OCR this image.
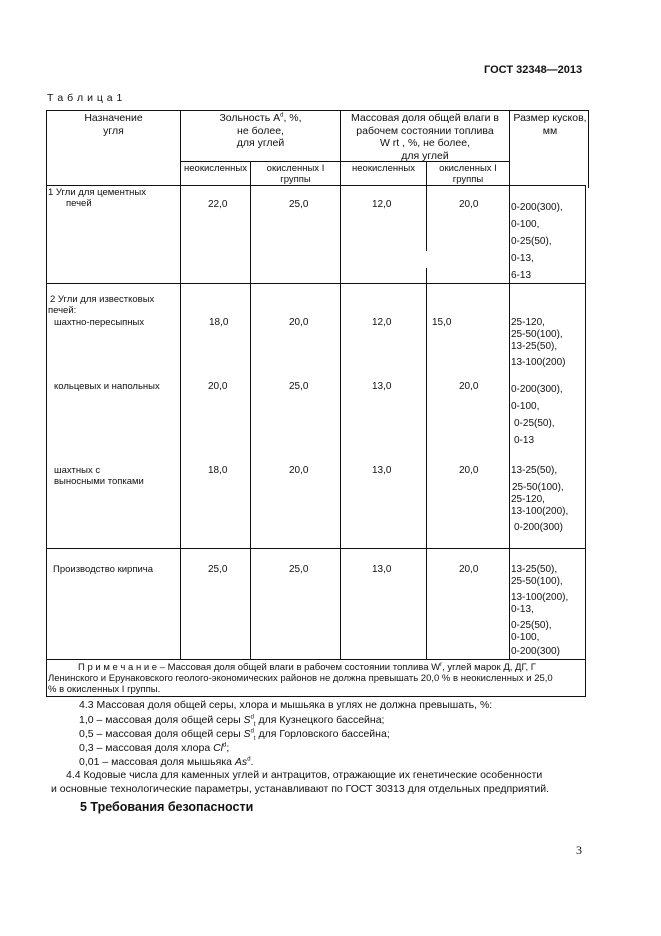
ГОСТ 32348—2013
Т а б л и ц а 1
Назначение
угля
Зольность $A^d$, %,
не более,
для углей
Массовая доля общей влаги в
рабочем состоянии топлива
W rt , %, не более,
для углей
Размер кусков,
мм
неокисленных	окисленных I
группы
неокисленных	окисленных I
группы
1 Угли для цементных
печей	22,0	25,0	12,0	20,0	0-200(300),
0-100,
0-25(50),
0-13,
6-13
2 Угли для известковых
печей:
шахтно-пересыпных	18,0	20,0	12,0	15,0	25-120,
25-50(100),
13-25(50),
13-100(200)
кольцевых и напольных	20,0	25,0	13,0	20,0	0-200(300),
0-100,
0-25(50),
0-13
шахтных с
выносными топками
18,0	20,0	13,0	20,0	13-25(50),
25-50(100),
25-120,
13-100(200),
0-200(300)
Производство кирпича	25,0	25,0	13,0	20,0	13-25(50),
25-50(100),
13-100(200),
0-13,
0-25(50),
0-100,
0-200(300)
П р и м е ч а н и е – Массовая доля общей влаги в рабочем состоянии топлива $W^r$, углей марок Д, ДГ, Г
Ленинского и Ерунаковского геолого-экономических районов не должна превышать 20,0 % в неокисленных и 25,0
% в окисленных I группы.
4.3 Массовая доля общей серы, хлора и мышьяка в углях не должна превышать, %:
1,0 – массовая доля общей серы $S^d_t$ для Кузнецкого бассейна;
0,5 – массовая доля общей серы $S^d_t$ для Горловского бассейна;
0,3 – массовая доля хлора Cl$^d$;
0,01 – массовая доля мышьяка As$^d$.
4.4 Кодовые числа для каменных углей и антрацитов, отражающие их генетические особенности
и основные технологические параметры, устанавливают по ГОСТ 30313 для отдельных предприятий.
5 Требования безопасности
3
